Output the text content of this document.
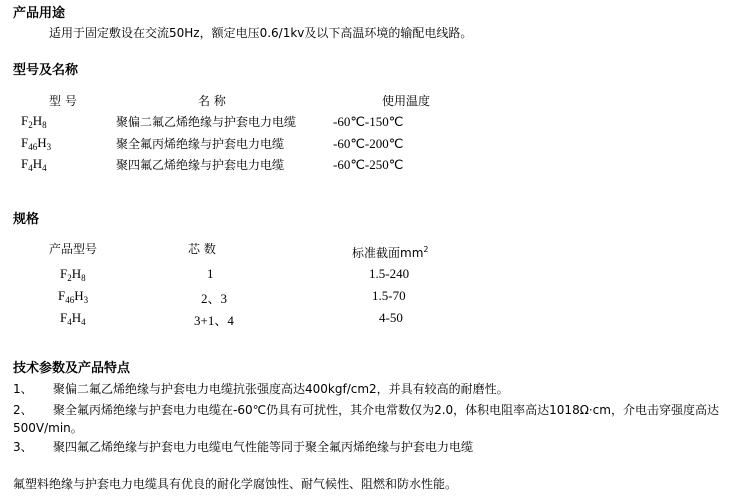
产品用途
适用于固定敷设在交流50Hz，额定电压0.6/1kv及以下高温环境的输配电线路。
型号及名称
型 号	名 称	使用温度
$F_2H_8$	聚偏二氟乙烯绝缘与护套电力电缆	-60℃-150℃
$F_{46}H_3$	聚全氟丙烯绝缘与护套电力电缆	-60℃-200℃
$F_4H_4$	聚四氟乙烯绝缘与护套电力电缆	-60℃-250℃
规格
产品型号	芯 数	标准截面$mm^2$
$F_2H_8$	1	1.5-240
$F_{46}H_3$	2、3	1.5-70
$F_4H_4$	3+1、4	4-50
技术参数及产品特点
1、 聚偏二氟乙烯绝缘与护套电力电缆抗张强度高达400kgf/cm2，并具有较高的耐磨性。
2、 聚全氟丙烯绝缘与护套电力电缆在-60℃仍具有可扰性，其介电常数仅为2.0，体积电阻率高达1018Ω·cm，介电击穿强度高达
500V/min。
3、 聚四氟乙烯绝缘与护套电力电缆电气性能等同于聚全氟丙烯绝缘与护套电力电缆
氟塑料绝缘与护套电力电缆具有优良的耐化学腐蚀性、耐气候性、阻燃和防水性能。
